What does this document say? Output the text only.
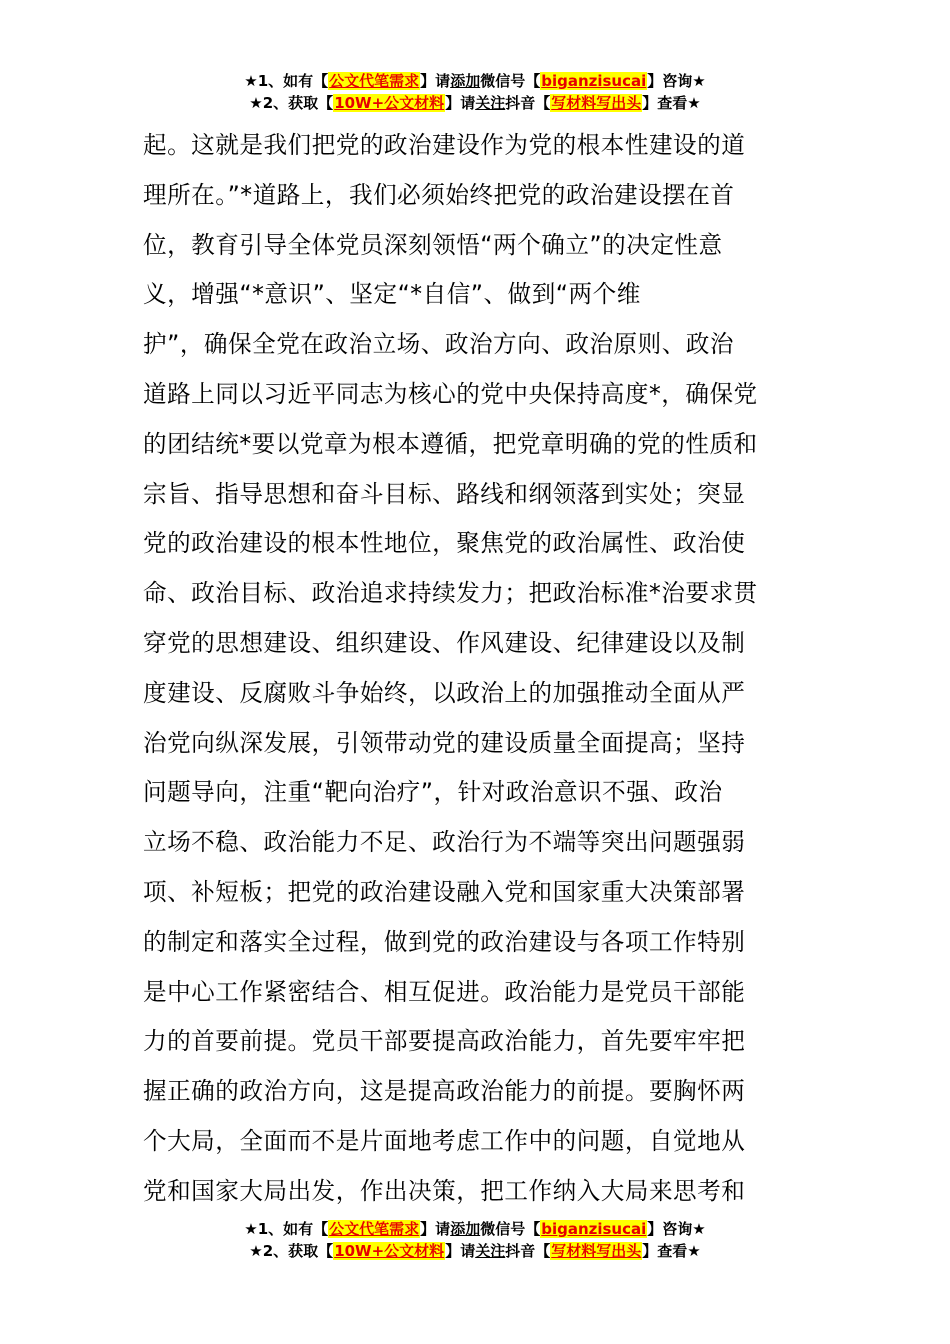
★1、如有【公文代笔需求】请添加微信号【biganzisucai】咨询★
★2、获取【10W+公文材料】请关注抖音【写材料写出头】查看★
起。这就是我们把党的政治建设作为党的根本性建设的道
理所在。”*道路上，我们必须始终把党的政治建设摆在首
位，教育引导全体党员深刻领悟“两个确立”的决定性意
义，增强“*意识”、坚定“*自信”、做到“两个维
护”，确保全党在政治立场、政治方向、政治原则、政治
道路上同以习近平同志为核心的党中央保持高度*，确保党
的团结统*要以党章为根本遵循，把党章明确的党的性质和
宗旨、指导思想和奋斗目标、路线和纲领落到实处；突显
党的政治建设的根本性地位，聚焦党的政治属性、政治使
命、政治目标、政治追求持续发力；把政治标准*治要求贯
穿党的思想建设、组织建设、作风建设、纪律建设以及制
度建设、反腐败斗争始终，以政治上的加强推动全面从严
治党向纵深发展，引领带动党的建设质量全面提高；坚持
问题导向，注重“靶向治疗”，针对政治意识不强、政治
立场不稳、政治能力不足、政治行为不端等突出问题强弱
项、补短板；把党的政治建设融入党和国家重大决策部署
的制定和落实全过程，做到党的政治建设与各项工作特别
是中心工作紧密结合、相互促进。政治能力是党员干部能
力的首要前提。党员干部要提高政治能力，首先要牢牢把
握正确的政治方向，这是提高政治能力的前提。要胸怀两
个大局，全面而不是片面地考虑工作中的问题，自觉地从
党和国家大局出发，作出决策，把工作纳入大局来思考和
★1、如有【公文代笔需求】请添加微信号【biganzisucai】咨询★
★2、获取【10W+公文材料】请关注抖音【写材料写出头】查看★
